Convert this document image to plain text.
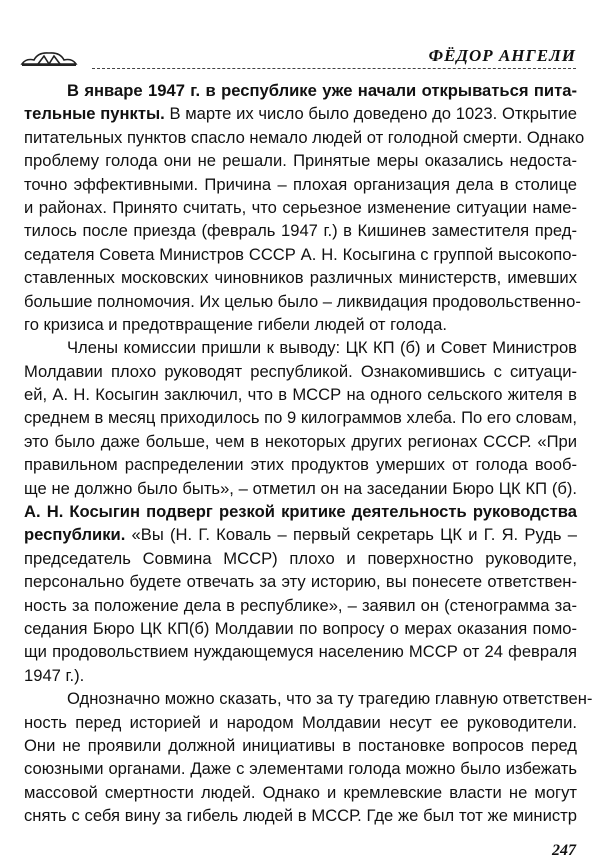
ФЁДОР АНГЕЛИ
В январе 1947 г. в республике уже начали открываться пита-
тельные пункты. В марте их число было доведено до 1023. Открытие
питательных пунктов спасло немало людей от голодной смерти. Однако
проблему голода они не решали. Принятые меры оказались недоста-
точно эффективными. Причина – плохая организация дела в столице
и районах. Принято считать, что серьезное изменение ситуации наме-
тилось после приезда (февраль 1947 г.) в Кишинев заместителя пред-
седателя Совета Министров СССР А. Н. Косыгина с группой высокопо-
ставленных московских чиновников различных министерств, имевших
большие полномочия. Их целью было – ликвидация продовольственно-
го кризиса и предотвращение гибели людей от голода.
Члены комиссии пришли к выводу: ЦК КП (б) и Совет Министров
Молдавии плохо руководят республикой. Ознакомившись с ситуаци-
ей, А. Н. Косыгин заключил, что в МССР на одного сельского жителя в
среднем в месяц приходилось по 9 килограммов хлеба. По его словам,
это было даже больше, чем в некоторых других регионах СССР. «При
правильном распределении этих продуктов умерших от голода вооб-
ще не должно было быть», – отметил он на заседании Бюро ЦК КП (б).
А. Н. Косыгин подверг резкой критике деятельность руководства
республики. «Вы (Н. Г. Коваль – первый секретарь ЦК и Г. Я. Рудь –
председатель Совмина МССР) плохо и поверхностно руководите,
персонально будете отвечать за эту историю, вы понесете ответствен-
ность за положение дела в республике», – заявил он (стенограмма за-
седания Бюро ЦК КП(б) Молдавии по вопросу о мерах оказания помо-
щи продовольствием нуждающемуся населению МССР от 24 февраля
1947 г.).
Однозначно можно сказать, что за ту трагедию главную ответствен-
ность перед историей и народом Молдавии несут ее руководители.
Они не проявили должной инициативы в постановке вопросов перед
союзными органами. Даже с элементами голода можно было избежать
массовой смертности людей. Однако и кремлевские власти не могут
снять с себя вину за гибель людей в МССР. Где же был тот же министр
247
